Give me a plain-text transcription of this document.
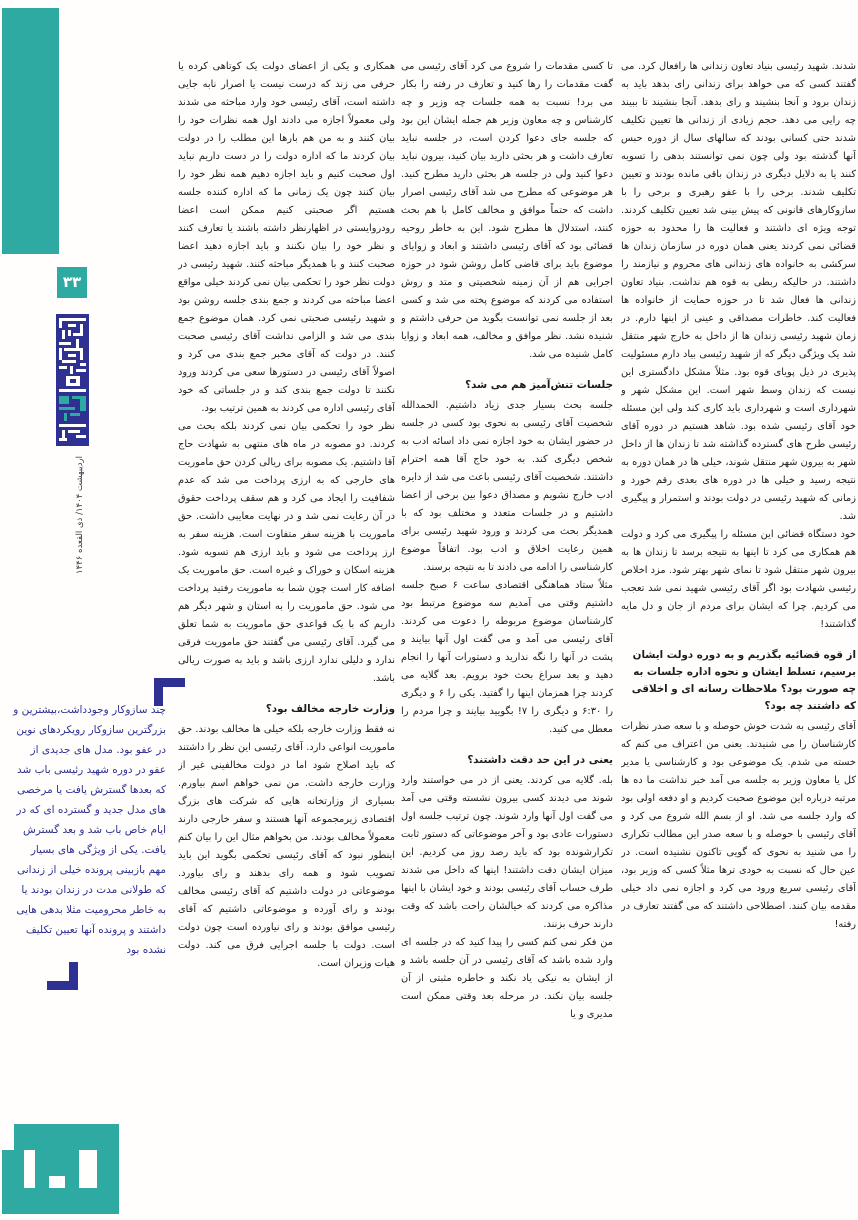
۳۳
اردیبهشت ۱۴۰۴/ ذی القعده ۱۴۴۶
چند سازوکار وجودداشت،بیشترین و بزرگترین سازوکار رویکردهای نوین در عفو بود. مدل های جدیدی از عفو در دوره شهید رئیسی باب شد که بعدها گسترش یافت یا مرخصی های مدل جدید و گسترده ای که در ایام خاص باب شد و بعد گسترش یافت. یکی از ویژگی های بسیار مهم بازبینی پرونده خیلی از زندانی که طولانی مدت در زندان بودند یا به خاطر محرومیت مثلا بدهی هایی داشتند و پرونده آنها تعیین تکلیف نشده بود

شدند. شهید رئیسی بنیاد تعاون زندانی ها رافعال کرد. می گفتند کسی که می خواهد برای زندانی رای بدهد باید به زندان برود و آنجا بنشیند و رای بدهد. آنجا بنشیند تا ببیند چه رایی می دهد. حجم زیادی از زندانی ها تعیین تکلیف شدند حتی کسانی بودند که سالهای سال از دوره حبس آنها گذشته بود ولی چون نمی توانستند بدهی را تسویه کنند یا به دلایل دیگری در زندان باقی مانده بودند و تعیین تکلیف شدند. برخی را با عفو رهبری و برخی را با سازوکارهای قانونی که پیش بینی شد تعیین تکلیف کردند. توجه ویژه ای داشتند و فعالیت ها را محدود به حوزه قضائی نمی کردند یعنی همان دوره در سازمان زندان ها سرکشی به خانواده های زندانی های محروم و نیازمند را داشتند. در حالیکه ربطی به قوه هم نداشت. بنیاد تعاون زندانی ها فعال شد تا در حوزه حمایت از خانواده ها فعالیت کند. خاطرات مصداقی و عینی از اینها دارم. در زمان شهید رئیسی زندان ها از داخل به خارج شهر منتقل شد یک ویژگی دیگر که از شهید رئیسی بیاد دارم مسئولیت پذیری در ذیل پویای قوه بود. مثلاً مشکل دادگستری این نیست که زندان وسط شهر است. این مشکل شهر و شهرداری است و شهرداری باید کاری کند ولی این مسئله خود آقای رئیسی شده بود. شاهد هستیم در دوره آقای رئیسی طرح های گسترده گذاشته شد تا زندان ها از داخل شهر به بیرون شهر منتقل شوند، خیلی ها در همان دوره به نتیجه رسید و خیلی ها در دوره های بعدی رقم خورد و زمانی که شهید رئیسی در دولت بودند و استمرار و پیگیری شد.

خود دستگاه قضائی این مسئله را پیگیری می کرد و دولت هم همکاری می کرد تا اینها به نتیجه برسد تا زندان ها به بیرون شهر منتقل شود تا نمای شهر بهتر شود. مزد اخلاص رئیسی شهادت بود اگر آقای رئیسی شهید نمی شد تعجب می کردیم. چرا که ایشان برای مردم از جان و دل مایه گذاشتند!

از قوه قضائیه بگذریم و به دوره دولت ایشان برسیم، تسلط ایشان و نحوه اداره جلسات به چه صورت بود؟ ملاحظات رسانه ای و اخلاقی که داشتند چه بود؟

آقای رئیسی به شدت خوش حوصله و با سعه صدر نظرات کارشناسان را می شنیدند. یعنی من اعتراف می کنم که خسته می شدم. یک موضوعی بود و کارشناسی یا مدیر کل یا معاون وزیر به جلسه می آمد خبر نداشت ما ده ها مرتبه درباره این موضوع صحبت کردیم و او دفعه اولی بود که وارد جلسه می شد. او از بسم الله شروع می کرد و آقای رئیسی با حوصله و با سعه صدر این مطالب تکراری را می شنید به نحوی که گویی تاکنون نشنیده است. در عین حال که نسبت به خودی ترها مثلاً کسی که وزیر بود، آقای رئیسی سریع ورود می کرد و اجازه نمی داد خیلی مقدمه بیان کنند. اصطلاحی داشتند که می گفتند تعارف در رفته!

تا کسی مقدمات را شروع می کرد آقای رئیسی می گفت مقدمات را رها کنید و تعارف در رفته را بکار می برد! نسبت به همه جلسات چه وزیر و چه کارشناس و چه معاون وزیر هم جمله ایشان این بود که جلسه جای دعوا کردن است، در جلسه نباید تعارف داشت و هر بحثی دارید بیان کنید، بیرون نباید دعوا کنید ولی در جلسه هر بحثی دارید مطرح کنید. هر موضوعی که مطرح می شد آقای رئیسی اصرار داشت که حتماً موافق و مخالف کامل با هم بحث کنند، استدلال ها مطرح شود. این به خاطر روحیه قضائی بود که آقای رئیسی داشتند و ابعاد و زوایای موضوع باید برای قاضی کامل روشن شود در حوزه اجرایی هم از آن زمینه شخصیتی و متد و روش استفاده می کردند که موضوع پخته می شد و کسی بعد از جلسه نمی توانست بگوید من حرفی داشتم و شنیده نشد. نظر موافق و مخالف، همه ابعاد و زوایا کامل شنیده می شد.

جلسات تنش‌آمیز هم می شد؟

جلسه بحث بسیار جدی زیاد داشتیم. الحمدالله شخصیت آقای رئیسی به نحوی بود کسی در جلسه در حضور ایشان به خود اجازه نمی داد اسائه ادب به شخص دیگری کند. به خود حاج آقا همه احترام داشتند. شخصیت آقای رئیسی باعث می شد از دایره ادب خارج نشویم و مصداق دعوا بین برخی از اعضا داشتیم و در جلسات متعدد و مختلف بود که با همدیگر بحث می کردند و ورود شهید رئیسی برای همین رعایت اخلاق و ادب بود. اتفاقاً موضوع کارشناسی را ادامه می دادند تا به نتیجه برسند.

مثلاً ستاد هماهنگی اقتصادی ساعت ۶ صبح جلسه داشتیم وقتی می آمدیم سه موضوع مرتبط بود کارشناسان موضوع مربوطه را دعوت می کردند. آقای رئیسی می آمد و می گفت اول آنها بیایند و پشت در آنها را نگه ندارید و دستورات آنها را انجام دهید و بعد سراغ بحث خود برویم. بعد گلایه می کردند چرا همزمان اینها را گفتید. یکی را ۶ و دیگری را ۶:۳۰ و دیگری را ۷! بگویید بیایند و چرا مردم را معطل می کنید.

یعنی در این حد دقت داشتند؟

بله. گلایه می کردند. یعنی از در می خواستند وارد شوند می دیدند کسی بیرون نشسته وقتی می آمد می گفت اول آنها وارد شوند. چون ترتیب جلسه اول دستورات عادی بود و آخر موضوعاتی که دستور ثابت تکرارشونده بود که باید رصد روز می کردیم. این میزان ایشان دقت داشتند! اینها که داخل می شدند طرف حساب آقای رئیسی بودند و خود ایشان با اینها مذاکره می کردند که خیالشان راحت باشد که وقت دارند حرف بزنند.

من فکر نمی کنم کسی را پیدا کنید که در جلسه ای وارد شده باشد که آقای رئیسی در آن جلسه باشد و از ایشان به نیکی یاد نکند و خاطره مثبتی از آن جلسه بیان نکند. در مرحله بعد وقتی ممکن است مدیری و یا

همکاری و یکی از اعضای دولت یک کوتاهی کرده یا حرفی می زند که درست نیست یا اصرار نابه جایی داشته است، آقای رئیسی خود وارد مباحثه می شدند ولی معمولاً اجازه می دادند اول همه نظرات خود را بیان کنند و به من هم بارها این مطلب را در دولت بیان کردند ما که اداره دولت را در دست داریم نباید اول صحبت کنیم و باید اجازه دهیم همه نظر خود را بیان کنند چون یک زمانی ما که اداره کننده جلسه هستیم اگر صحبتی کنیم ممکن است اعضا رودروایستی در اظهارنظر داشته باشند یا تعارف کنند و نظر خود را بیان نکنند و باید اجازه دهید اعضا صحبت کنند و با همدیگر مباحثه کنند. شهید رئیسی در دولت نظر خود را تحکمی بیان نمی کردند خیلی مواقع اعضا مباحثه می کردند و جمع بندی جلسه روشن بود و شهید رئیسی صحبتی نمی کرد. همان موضوع جمع بندی می شد و الزامی نداشت آقای رئیسی صحبت کنند. در دولت که آقای مخبر جمع بندی می کرد و اصولاً آقای رئیسی در دستورها سعی می کردند ورود نکنند تا دولت جمع بندی کند و در جلساتی که خود آقای رئیسی اداره می کردند به همین ترتیب بود.

نظر خود را تحکمی بیان نمی کردند بلکه بحث می کردند. دو مصوبه در ماه های منتهی به شهادت حاج آقا داشتیم. یک مصوبه برای ریالی کردن حق ماموریت های خارجی که به ارزی پرداخت می شد که عدم شفافیت را ایجاد می کرد و هم سقف پرداخت حقوق در آن رعایت نمی شد و در نهایت معایبی داشت. حق ماموریت با هزینه سفر متفاوت است. هزینه سفر به ارز پرداخت می شود و باید ارزی هم تسویه شود. هزینه اسکان و خوراک و غیره است. حق ماموریت یک اضافه کار است چون شما به ماموریت رفتید پرداخت می شود. حق ماموریت را به استان و شهر دیگر هم داریم که با یک قواعدی حق ماموریت به شما تعلق می گیرد. آقای رئیسی می گفتند حق ماموریت فرقی ندارد و دلیلی ندارد ارزی باشد و باید به صورت ریالی باشد.

وزارت خارجه مخالف بود؟

نه فقط وزارت خارجه بلکه خیلی ها مخالف بودند. حق ماموریت انواعی دارد. آقای رئیسی این نظر را داشتند که باید اصلاح شود اما در دولت مخالفینی غیر از وزارت خارجه داشت. من نمی خواهم اسم بیاورم. بسیاری از وزارتخانه هایی که شرکت های بزرگ اقتصادی زیرمجموعه آنها هستند و سفر خارجی دارند معمولاً مخالف بودند. من بخواهم مثال این را بیان کنم اینطور نبود که آقای رئیسی تحکمی بگوید این باید تصویب شود و همه رای بدهند و رای بیاورد. موضوعاتی در دولت داشتیم که آقای رئیسی مخالف بودند و رای آورده و موضوعاتی داشتیم که آقای رئیسی موافق بودند و رای نیاورده است چون دولت است. دولت با جلسه اجرایی فرق می کند. دولت هیات وزیران است.
